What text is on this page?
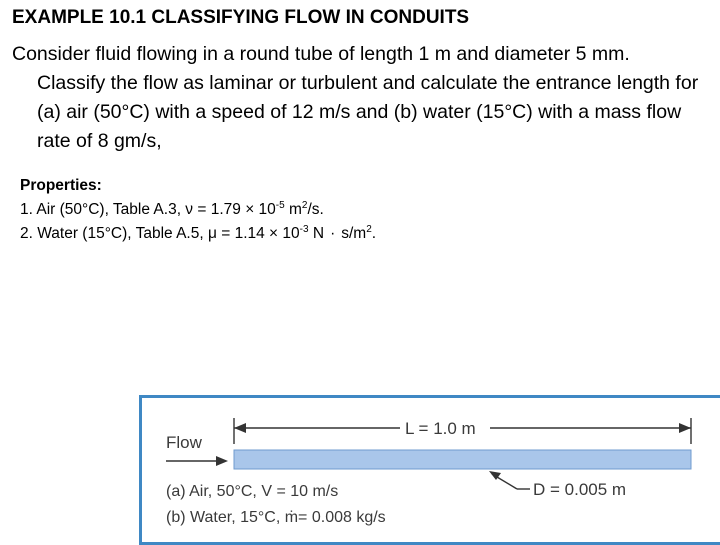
EXAMPLE 10.1 CLASSIFYING FLOW IN CONDUITS
Consider fluid flowing in a round tube of length 1 m and diameter 5 mm. Classify the flow as laminar or turbulent and calculate the entrance length for (a) air (50°C) with a speed of 12 m/s and (b) water (15°C) with a mass flow rate of 8 gm/s,
Properties:
1. Air (50°C), Table A.3, $\nu = 1.79 \times 10^{-5}$ $m^2/s$.
2. Water (15°C), Table A.5, $\mu = 1.14 \times 10^{-3}$ $N \cdot s/m^2$.
Flow
L = 1.0 m
D = 0.005 m
(a) Air, 50°C, V = 10 m/s
(b) Water, 15°C, ṁ= 0.008 kg/s
